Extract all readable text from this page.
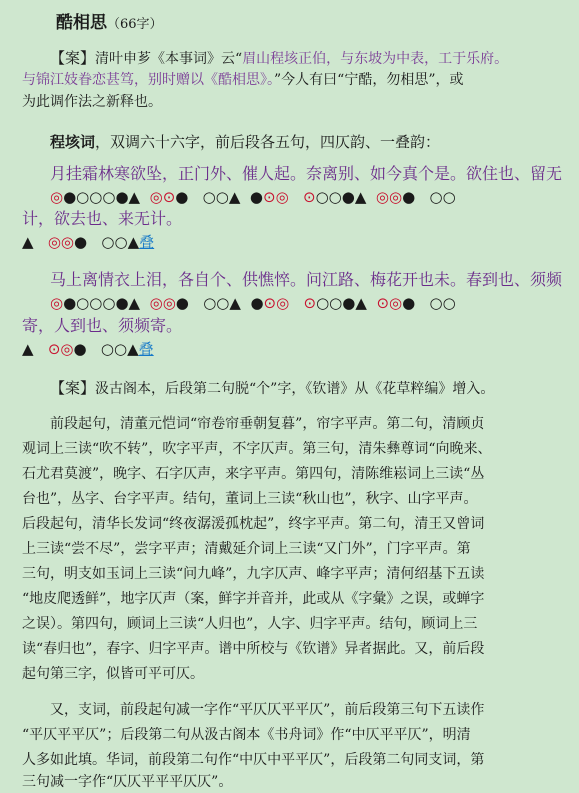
酷相思（66字）
【案】清叶申芗《本事词》云“眉山程垓正伯，与东坡为中表，工于乐府。
与锦江妓眷恋甚笃，别时赠以《酷相思》。”今人有曰“宁酷，勿相思”，或
为此调作法之新释也。
程垓词，双调六十六字，前后段各五句，四仄韵、一叠韵：
月挂霜林寒欲坠，正门外、催人起。奈离别、如今真个是。欲住也、留无
◎●○○○●▲  ◎⊙●   ○○▲  ●⊙◎ ⊙○○●▲  ◎◎●   ○○
计，欲去也、来无计。
▲   ◎◎●   ○○▲叠
马上离情衣上泪，各自个、供憔悴。问江路、梅花开也未。春到也、须频
◎●○○○●▲  ◎◎●   ○○▲  ●⊙◎ ⊙○○●▲  ⊙◎●   ○○
寄，人到也、须频寄。
▲   ⊙◎●   ○○▲叠
【案】汲古阁本，后段第二句脱“个”字，《钦谱》从《花草粹编》增入。
前段起句，清董元恺词“帘卷帘垂朝复暮”，帘字平声。第二句，清顾贞
观词上三读“吹不转”，吹字平声，不字仄声。第三句，清朱彝尊词“向晚来、
石尤君莫渡”，晚字、石字仄声，来字平声。第四句，清陈维崧词上三读“丛
台也”，丛字、台字平声。结句，董词上三读“秋山也”，秋字、山字平声。
后段起句，清华长发词“终夜潺湲孤枕起”，终字平声。第二句，清王又曾词
上三读“尝不尽”，尝字平声；清戴延介词上三读“又门外”，门字平声。第
三句，明支如玉词上三读“问九峰”，九字仄声、峰字平声；清何绍基下五读
“地皮爬透鲜”，地字仄声（案，鲜字并音并，此或从《字彙》之误，或蝉字
之误）。第四句，顾词上三读“人归也”，人字、归字平声。结句，顾词上三
读“春归也”，春字、归字平声。谱中所校与《钦谱》异者据此。又，前后段
起句第三字，似皆可平可仄。
又，支词，前段起句减一字作“平仄仄平平仄”，前后段第三句下五读作
“平仄平平仄”；后段第二句从汲古阁本《书舟词》作“中仄平平仄”，明清
人多如此填。华词，前段第二句作“中仄中平平仄”，后段第二句同支词，第
三句减一字作“仄仄平平平仄仄”。
